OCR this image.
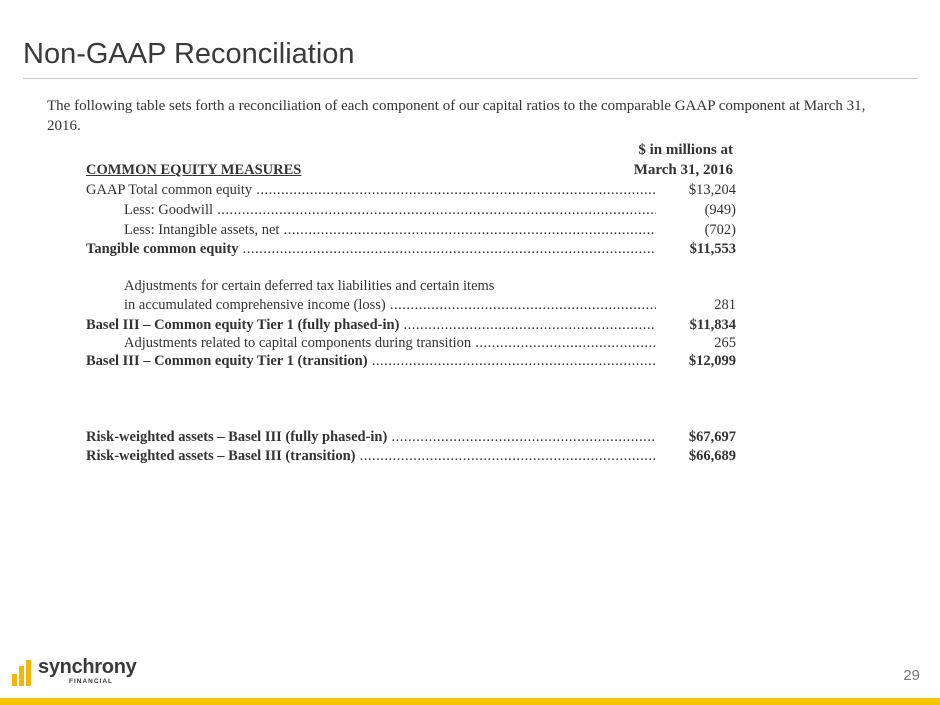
Non-GAAP Reconciliation
The following table sets forth a reconciliation of each component of our capital ratios to the comparable GAAP component at March 31, 2016.
$ in millions at
March 31, 2016
COMMON EQUITY MEASURES
GAAP Total common equity .....	$13,204
Less: Goodwill .....	(949)
Less: Intangible assets, net .....	(702)
Tangible common equity .....	$11,553
Adjustments for certain deferred tax liabilities and certain items
in accumulated comprehensive income (loss) .....	281
Basel III – Common equity Tier 1 (fully phased-in) .....	$11,834
Adjustments related to capital components during transition .....	265
Basel III – Common equity Tier 1 (transition) .....	$12,099
Risk-weighted assets – Basel III (fully phased-in) .....	$67,697
Risk-weighted assets – Basel III (transition) .....	$66,689
synchrony
FINANCIAL	29
